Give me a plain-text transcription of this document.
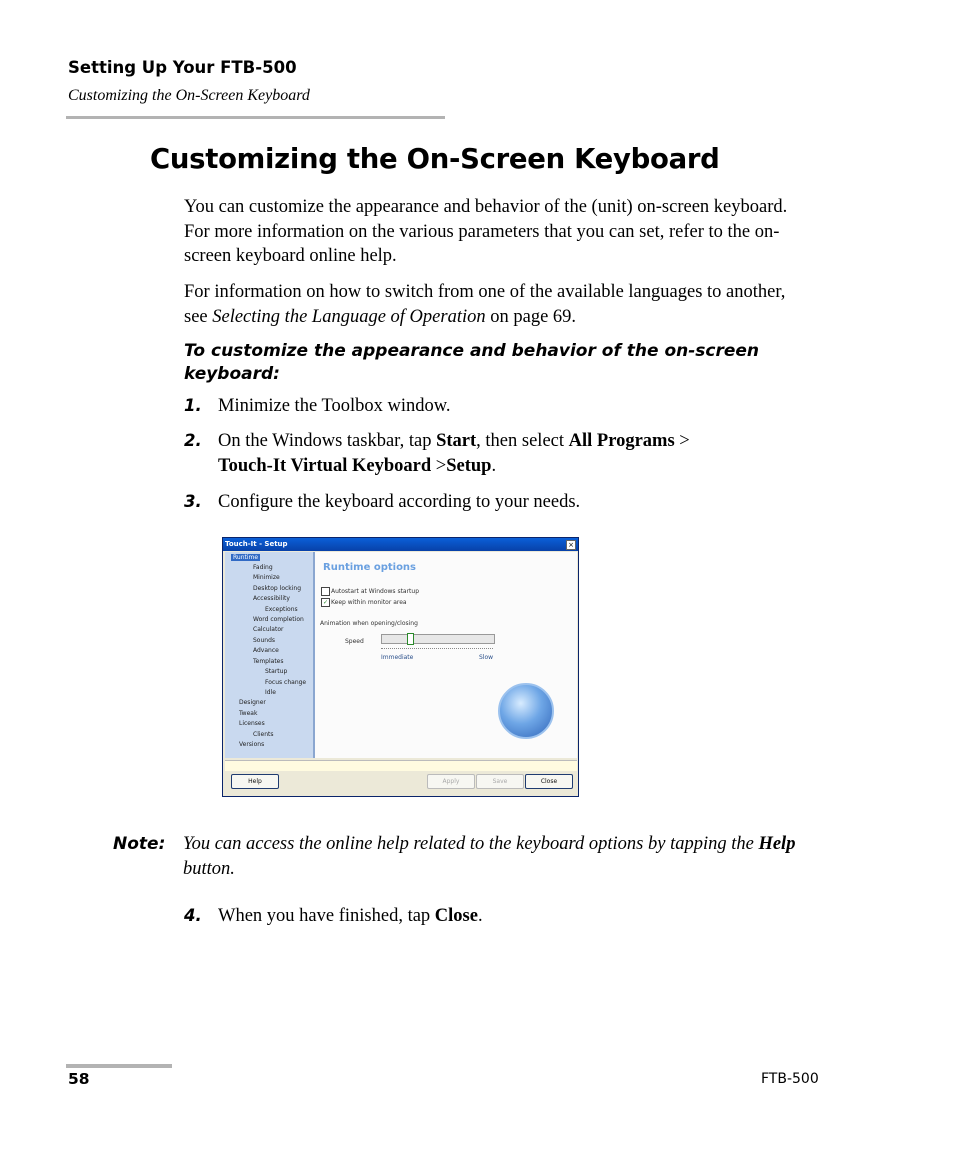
Setting Up Your FTB-500
Customizing the On-Screen Keyboard
Customizing the On-Screen Keyboard

You can customize the appearance and behavior of the (unit) on-screen keyboard. For more information on the various parameters that you can set, refer to the on-screen keyboard online help.

For information on how to switch from one of the available languages to another, see Selecting the Language of Operation on page 69.

To customize the appearance and behavior of the on-screen keyboard:

1. Minimize the Toolbox window.
2. On the Windows taskbar, tap Start, then select All Programs >
Touch-It Virtual Keyboard >Setup.
3. Configure the keyboard according to your needs.
Touch-It - Setup	×
Runtime
Fading
Minimize
Desktop locking
Accessibility
Exceptions
Word completion
Calculator
Sounds
Advance
Templates
Startup
Focus change
Idle
Designer
Tweak
Licenses
Clients
Versions
Runtime options
Autostart at Windows startup
✓ Keep within monitor area
Animation when opening/closing
Speed
Immediate	Slow
Help	Apply	Save	Close
Note: You can access the online help related to the keyboard options by tapping the Help button.
4. When you have finished, tap Close.
58	FTB-500
